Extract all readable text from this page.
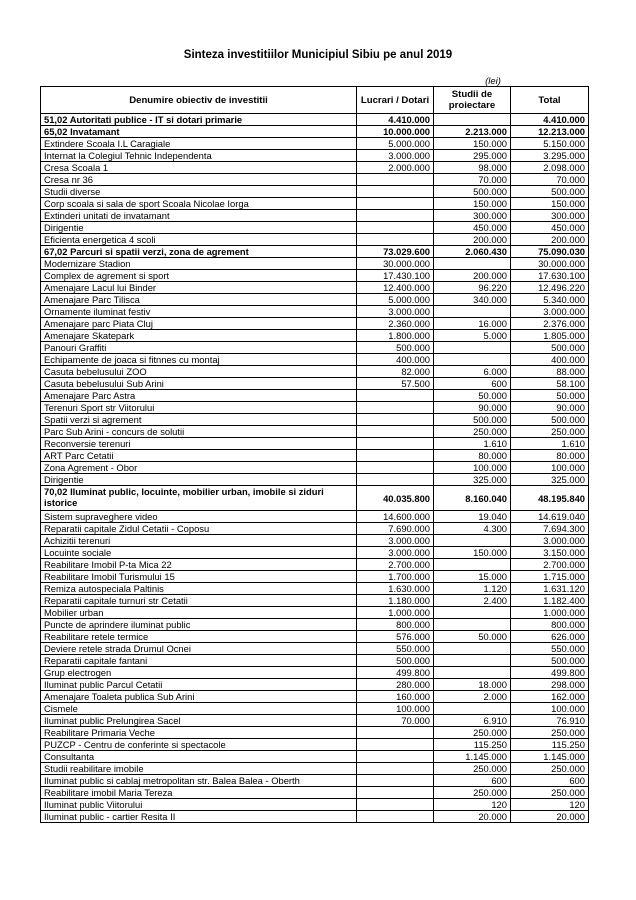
Sinteza investitiilor Municipiul Sibiu pe anul 2019
(lei)
Denumire obiectiv de investitii	Lucrari / Dotari	Studii de proiectare	Total
51,02 Autoritati publice - IT si dotari primarie	4.410.000		4.410.000
65,02 Invatamant	10.000.000	2.213.000	12.213.000
Extindere Scoala I.L Caragiale	5.000.000	150.000	5.150.000
Internat la Colegiul Tehnic Independenta	3.000.000	295.000	3.295.000
Cresa Scoala 1	2.000.000	98.000	2.098.000
Cresa nr 36		70.000	70.000
Studii diverse		500.000	500.000
Corp scoala si sala de sport Scoala Nicolae Iorga		150.000	150.000
Extinderi unitati de invatamant		300.000	300.000
Dirigentie		450.000	450.000
Eficienta energetica 4 scoli		200.000	200.000
67,02 Parcuri si spatii verzi, zona de agrement	73.029.600	2.060.430	75.090.030
Modernizare Stadion	30.000.000		30.000.000
Complex de agrement si sport	17.430.100	200.000	17.630.100
Amenajare Lacul lui Binder	12.400.000	96.220	12.496.220
Amenajare Parc Tilisca	5.000.000	340.000	5.340.000
Ornamente iluminat festiv	3.000.000		3.000.000
Amenajare parc Piata Cluj	2.360.000	16.000	2.376.000
Amenajare Skatepark	1.800.000	5.000	1.805.000
Panouri Graffiti	500.000		500.000
Echipamente de joaca si fitnnes cu montaj	400.000		400.000
Casuta bebelusului ZOO	82.000	6.000	88.000
Casuta bebelusului Sub Arini	57.500	600	58.100
Amenajare Parc Astra		50.000	50.000
Terenuri Sport str Viitorului		90.000	90.000
Spatii verzi si agrement		500.000	500.000
Parc Sub Arini - concurs de solutii		250.000	250.000
Reconversie terenuri		1.610	1.610
ART Parc Cetatii		80.000	80.000
Zona Agrement - Obor		100.000	100.000
Dirigentie		325.000	325.000
70,02 Iluminat public, locuinte, mobilier urban, imobile si ziduri istorice	40.035.800	8.160.040	48.195.840
Sistem supraveghere video	14.600.000	19.040	14.619.040
Reparatii capitale Zidul Cetatii - Coposu	7.690.000	4.300	7.694.300
Achizitii terenuri	3.000.000		3.000.000
Locuinte sociale	3.000.000	150.000	3.150.000
Reabilitare Imobil P-ta Mica 22	2.700.000		2.700.000
Reabilitare Imobil Turismului 15	1.700.000	15.000	1.715.000
Remiza autospeciala Paltinis	1.630.000	1.120	1.631.120
Reparatii capitale turnuri str Cetatii	1.180.000	2.400	1.182.400
Mobilier urban	1.000.000		1.000.000
Puncte de aprindere iluminat public	800.000		800.000
Reabilitare retele termice	576.000	50.000	626.000
Deviere retele strada Drumul Ocnei	550.000		550.000
Reparatii capitale fantani	500.000		500.000
Grup electrogen	499.800		499.800
Iluminat public Parcul Cetatii	280.000	18.000	298.000
Amenajare Toaleta publica Sub Arini	160.000	2.000	162.000
Cismele	100.000		100.000
Iluminat public Prelungirea Sacel	70.000	6.910	76.910
Reabilitare Primaria Veche		250.000	250.000
PUZCP - Centru de conferinte si spectacole		115.250	115.250
Consultanta		1.145.000	1.145.000
Studii reabilitare imobile		250.000	250.000
Iluminat public si cablaj metropolitan str. Balea Balea - Oberth		600	600
Reabilitare imobil Maria Tereza		250.000	250.000
Iluminat public Viitorului		120	120
Iluminat public - cartier Resita II		20.000	20.000
